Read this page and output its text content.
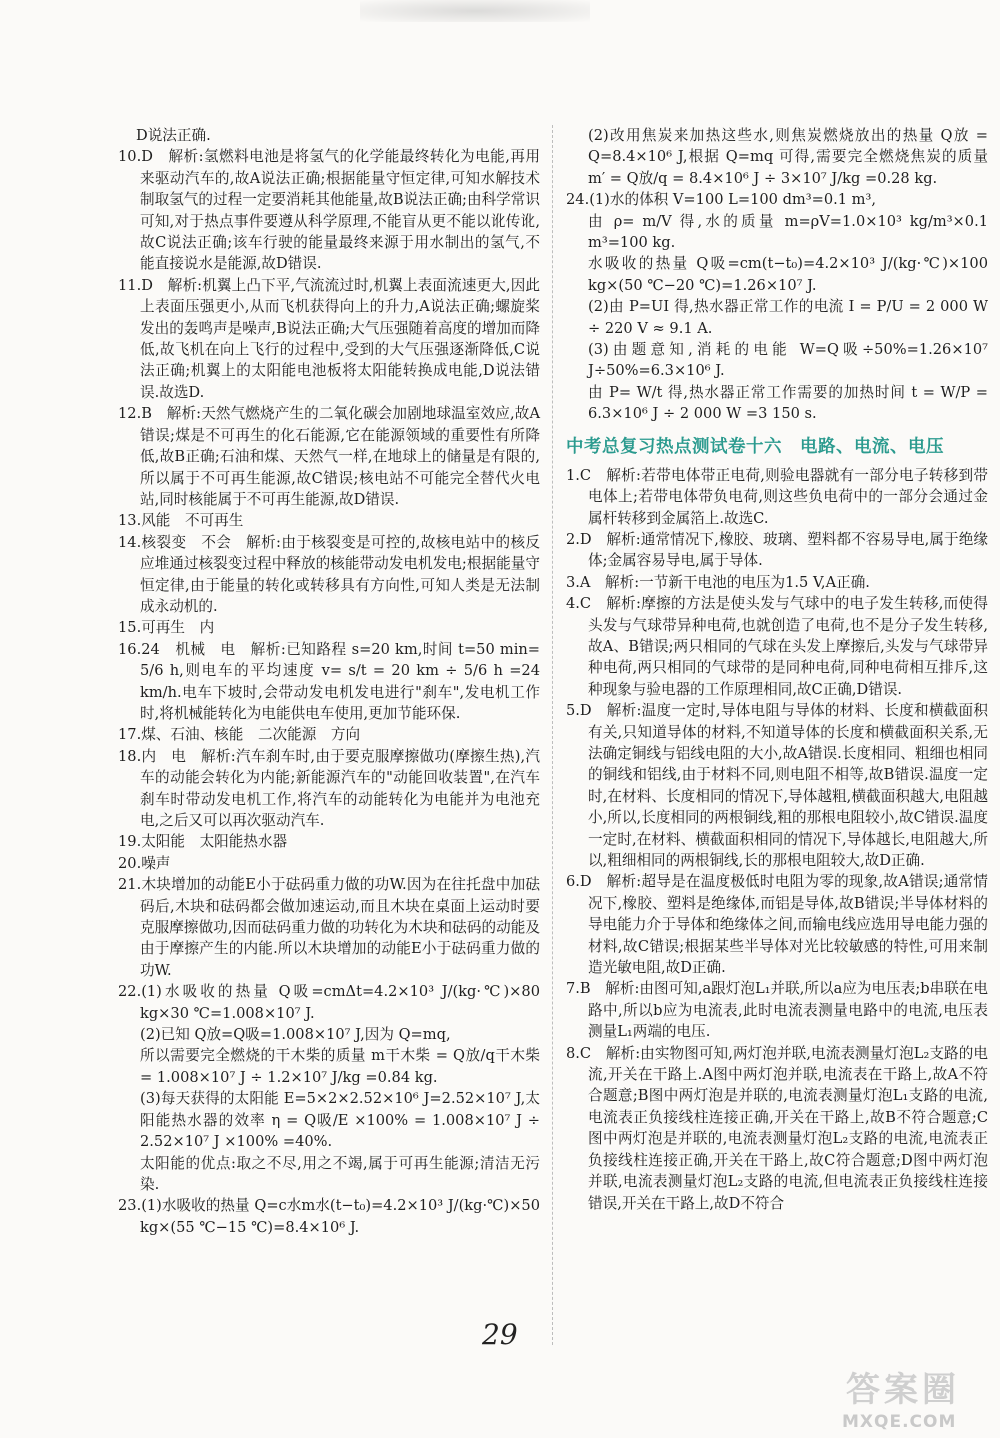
D说法正确.

10.D　解析:氢燃料电池是将氢气的化学能最终转化为电能,再用来驱动汽车的,故A说法正确;根据能量守恒定律,可知水解技术制取氢气的过程一定要消耗其他能量,故B说法正确;由科学常识可知,对于热点事件要遵从科学原理,不能盲从更不能以讹传讹,故C说法正确;该车行驶的能量最终来源于用水制出的氢气,不能直接说水是能源,故D错误.

11.D　解析:机翼上凸下平,气流流过时,机翼上表面流速更大,因此上表面压强更小,从而飞机获得向上的升力,A说法正确;螺旋桨发出的轰鸣声是噪声,B说法正确;大气压强随着高度的增加而降低,故飞机在向上飞行的过程中,受到的大气压强逐渐降低,C说法正确;机翼上的太阳能电池板将太阳能转换成电能,D说法错误.故选D.

12.B　解析:天然气燃烧产生的二氧化碳会加剧地球温室效应,故A错误;煤是不可再生的化石能源,它在能源领域的重要性有所降低,故B正确;石油和煤、天然气一样,在地球上的储量是有限的,所以属于不可再生能源,故C错误;核电站不可能完全替代火电站,同时核能属于不可再生能源,故D错误.

13.风能　不可再生

14.核裂变　不会　解析:由于核裂变是可控的,故核电站中的核反应堆通过核裂变过程中释放的核能带动发电机发电;根据能量守恒定律,由于能量的转化或转移具有方向性,可知人类是无法制成永动机的.

15.可再生　内

16.24　机械　电　解析:已知路程 s=20 km,时间 t=50 min= 5/6 h,则电车的平均速度 v= s/t = 20 km ÷ 5/6 h =24 km/h.电车下坡时,会带动发电机发电进行"刹车",发电机工作时,将机械能转化为电能供电车使用,更加节能环保.

17.煤、石油、核能　二次能源　方向

18.内　电　解析:汽车刹车时,由于要克服摩擦做功(摩擦生热),汽车的动能会转化为内能;新能源汽车的"动能回收装置",在汽车刹车时带动发电机工作,将汽车的动能转化为电能并为电池充电,之后又可以再次驱动汽车.

19.太阳能　太阳能热水器

20.噪声

21.木块增加的动能E小于砝码重力做的功W.因为在往托盘中加砝码后,木块和砝码都会做加速运动,而且木块在桌面上运动时要克服摩擦做功,因而砝码重力做的功转化为木块和砝码的动能及由于摩擦产生的内能.所以木块增加的动能E小于砝码重力做的功W.

22.(1)水吸收的热量 Q吸=cmΔt=4.2×10³ J/(kg·℃)×80 kg×30 ℃=1.008×10⁷ J.

(2)已知 Q放=Q吸=1.008×10⁷ J,因为 Q=mq,

所以需要完全燃烧的干木柴的质量 m干木柴 = Q放/q干木柴 = 1.008×10⁷ J ÷ 1.2×10⁷ J/kg =0.84 kg.

(3)每天获得的太阳能 E=5×2×2.52×10⁶ J=2.52×10⁷ J,太阳能热水器的效率 η = Q吸/E ×100% = 1.008×10⁷ J ÷ 2.52×10⁷ J ×100% =40%.

太阳能的优点:取之不尽,用之不竭,属于可再生能源;清洁无污染.

23.(1)水吸收的热量 Q=c水m水(t−t₀)=4.2×10³ J/(kg·℃)×50 kg×(55 ℃−15 ℃)=8.4×10⁶ J.

(2)改用焦炭来加热这些水,则焦炭燃烧放出的热量 Q放 = Q=8.4×10⁶ J,根据 Q=mq 可得,需要完全燃烧焦炭的质量 m′ = Q放/q = 8.4×10⁶ J ÷ 3×10⁷ J/kg =0.28 kg.

24.(1)水的体积 V=100 L=100 dm³=0.1 m³,

由 ρ= m/V 得,水的质量 m=ρV=1.0×10³ kg/m³×0.1 m³=100 kg.

水吸收的热量 Q吸=cm(t−t₀)=4.2×10³ J/(kg·℃)×100 kg×(50 ℃−20 ℃)=1.26×10⁷ J.

(2)由 P=UI 得,热水器正常工作的电流 I = P/U = 2 000 W ÷ 220 V ≈ 9.1 A.

(3)由题意知,消耗的电能 W=Q吸÷50%=1.26×10⁷ J÷50%=6.3×10⁶ J.

由 P= W/t 得,热水器正常工作需要的加热时间 t = W/P = 6.3×10⁶ J ÷ 2 000 W =3 150 s.

中考总复习热点测试卷十六　电路、电流、电压

1.C　解析:若带电体带正电荷,则验电器就有一部分电子转移到带电体上;若带电体带负电荷,则这些负电荷中的一部分会通过金属杆转移到金属箔上.故选C.

2.D　解析:通常情况下,橡胶、玻璃、塑料都不容易导电,属于绝缘体;金属容易导电,属于导体.

3.A　解析:一节新干电池的电压为1.5 V,A正确.

4.C　解析:摩擦的方法是使头发与气球中的电子发生转移,而使得头发与气球带异种电荷,也就创造了电荷,也不是分子发生转移,故A、B错误;两只相同的气球在头发上摩擦后,头发与气球带异种电荷,两只相同的气球带的是同种电荷,同种电荷相互排斥,这种现象与验电器的工作原理相同,故C正确,D错误.

5.D　解析:温度一定时,导体电阻与导体的材料、长度和横截面积有关,只知道导体的材料,不知道导体的长度和横截面积关系,无法确定铜线与铝线电阻的大小,故A错误.长度相同、粗细也相同的铜线和铝线,由于材料不同,则电阻不相等,故B错误.温度一定时,在材料、长度相同的情况下,导体越粗,横截面积越大,电阻越小,所以,长度相同的两根铜线,粗的那根电阻较小,故C错误.温度一定时,在材料、横截面积相同的情况下,导体越长,电阻越大,所以,粗细相同的两根铜线,长的那根电阻较大,故D正确.

6.D　解析:超导是在温度极低时电阻为零的现象,故A错误;通常情况下,橡胶、塑料是绝缘体,而铝是导体,故B错误;半导体材料的导电能力介于导体和绝缘体之间,而输电线应选用导电能力强的材料,故C错误;根据某些半导体对光比较敏感的特性,可用来制造光敏电阻,故D正确.

7.B　解析:由图可知,a跟灯泡L₁并联,所以a应为电压表;b串联在电路中,所以b应为电流表,此时电流表测量电路中的电流,电压表测量L₁两端的电压.

8.C　解析:由实物图可知,两灯泡并联,电流表测量灯泡L₂支路的电流,开关在干路上.A图中两灯泡并联,电流表在干路上,故A不符合题意;B图中两灯泡是并联的,电流表测量灯泡L₁支路的电流,电流表正负接线柱连接正确,开关在干路上,故B不符合题意;C图中两灯泡是并联的,电流表测量灯泡L₂支路的电流,电流表正负接线柱连接正确,开关在干路上,故C符合题意;D图中两灯泡并联,电流表测量灯泡L₂支路的电流,但电流表正负接线柱连接错误,开关在干路上,故D不符合

29
答 案 圈
MXQE.COM
